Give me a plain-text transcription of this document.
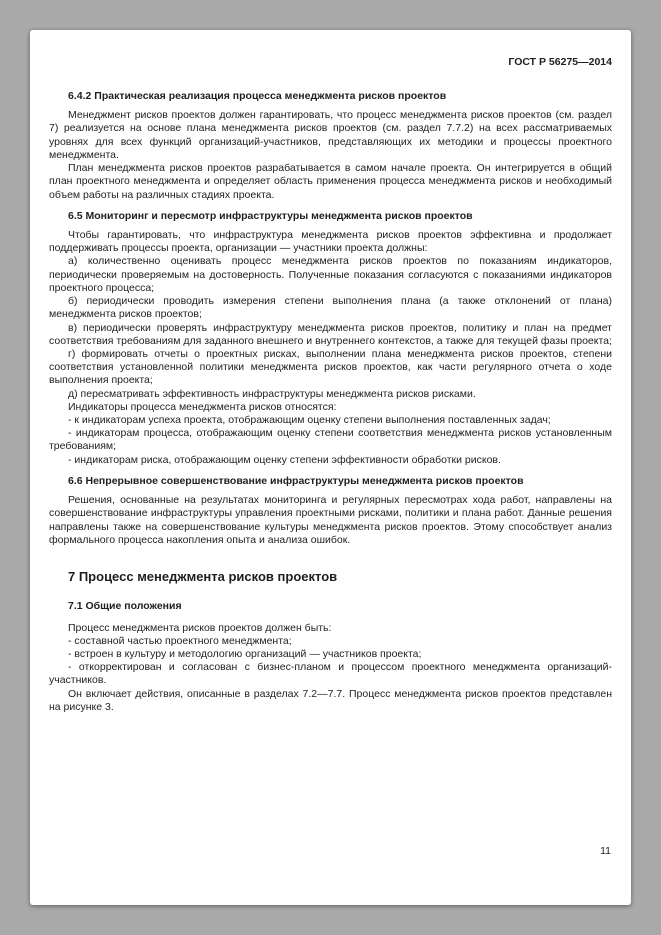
ГОСТ Р 56275—2014

6.4.2 Практическая реализация процесса менеджмента рисков проектов

Менеджмент рисков проектов должен гарантировать, что процесс менеджмента рисков проектов (см. раздел 7) реализуется на основе плана менеджмента рисков проектов (см. раздел 7.7.2) на всех рассматриваемых уровнях для всех функций организаций-участников, представляющих их методики и процессы проектного менеджмента.

План менеджмента рисков проектов разрабатывается в самом начале проекта. Он интегрируется в общий план проектного менеджмента и определяет область применения процесса менеджмента рисков и необходимый объем работы на различных стадиях проекта.

6.5 Мониторинг и пересмотр инфраструктуры менеджмента рисков проектов

Чтобы гарантировать, что инфраструктура менеджмента рисков проектов эффективна и продолжает поддерживать процессы проекта, организации — участники проекта должны:

а) количественно оценивать процесс менеджмента рисков проектов по показаниям индикаторов, периодически проверяемым на достоверность. Полученные показания согласуются с показаниями индикаторов проектного процесса;

б) периодически проводить измерения степени выполнения плана (а также отклонений от плана) менеджмента рисков проектов;

в) периодически проверять инфраструктуру менеджмента рисков проектов, политику и план на предмет соответствия требованиям для заданного внешнего и внутреннего контекстов, а также для текущей фазы проекта;

г) формировать отчеты о проектных рисках, выполнении плана менеджмента рисков проектов, степени соответствия установленной политики менеджмента рисков проектов, как части регулярного отчета о ходе выполнения проекта;

д) пересматривать эффективность инфраструктуры менеджмента рисков рисками.

Индикаторы процесса менеджмента рисков относятся:

- к индикаторам успеха проекта, отображающим оценку степени выполнения поставленных задач;

- индикаторам процесса, отображающим оценку степени соответствия менеджмента рисков установленным требованиям;

- индикаторам риска, отображающим оценку степени эффективности обработки рисков.

6.6 Непрерывное совершенствование инфраструктуры менеджмента рисков проектов

Решения, основанные на результатах мониторинга и регулярных пересмотрах хода работ, направлены на совершенствование инфраструктуры управления проектными рисками, политики и плана работ. Данные решения направлены также на совершенствование культуры менеджмента рисков проектов. Этому способствует анализ формального процесса накопления опыта и анализа ошибок.

7 Процесс менеджмента рисков проектов

7.1 Общие положения

Процесс менеджмента рисков проектов должен быть:

- составной частью проектного менеджмента;

- встроен в культуру и методологию организаций — участников проекта;

- откорректирован и согласован с бизнес-планом и процессом проектного менеджмента организаций-участников.

Он включает действия, описанные в разделах 7.2—7.7. Процесс менеджмента рисков проектов представлен на рисунке 3.

11
